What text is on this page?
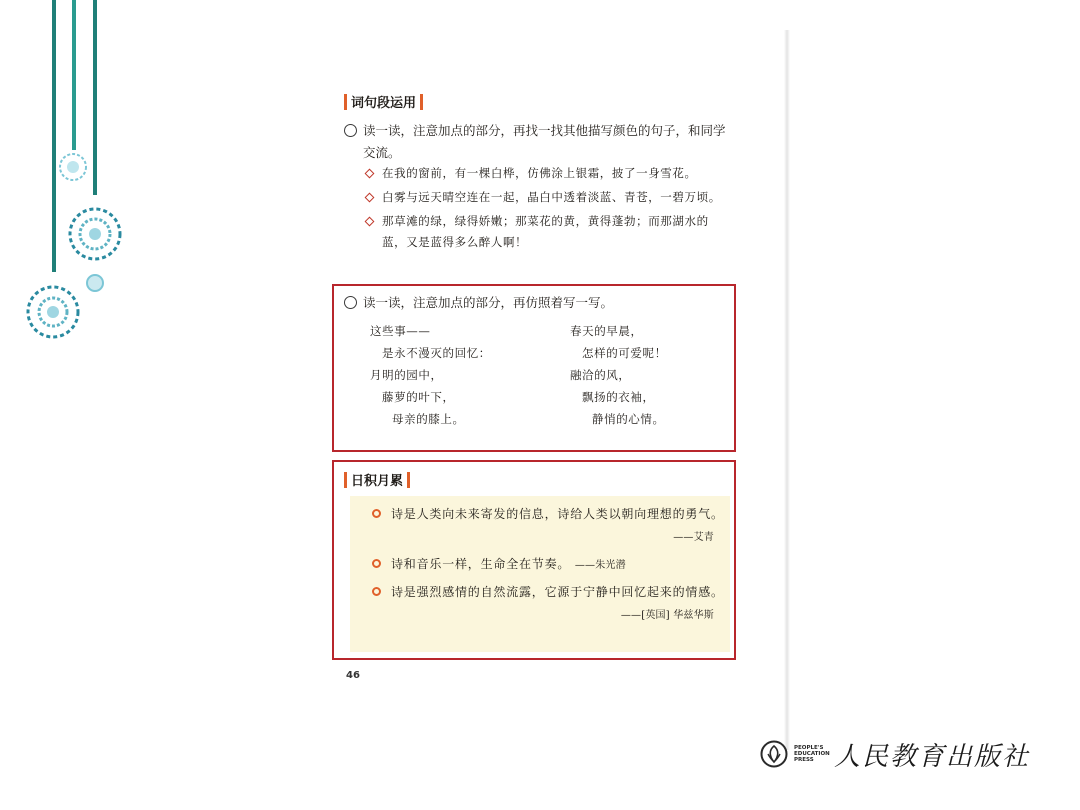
词句段运用
读一读，注意加点的部分，再找一找其他描写颜色的句子，和同学交流。
在我的窗前，有一棵白桦，仿佛涂上银霜，披了一身雪花。
白雾与远天晴空连在一起，晶白中透着淡蓝、青苍，一碧万顷。
那草滩的绿，绿得娇嫩；那菜花的黄，黄得蓬勃；而那湖水的蓝，又是蓝得多么醉人啊！
读一读，注意加点的部分，再仿照着写一写。
这些事——
是永不漫灭的回忆：
月明的园中，
藤萝的叶下，
母亲的膝上。
春天的早晨，
怎样的可爱呢！
融洽的风，
飘扬的衣袖，
静悄的心情。
日积月累
诗是人类向未来寄发的信息，诗给人类以朝向理想的勇气。
——艾青
诗和音乐一样，生命全在节奏。 ——朱光潜
诗是强烈感情的自然流露，它源于宁静中回忆起来的情感。
——[英国] 华兹华斯
46
PEOPLE'S EDUCATION PRESS 人民教育出版社
